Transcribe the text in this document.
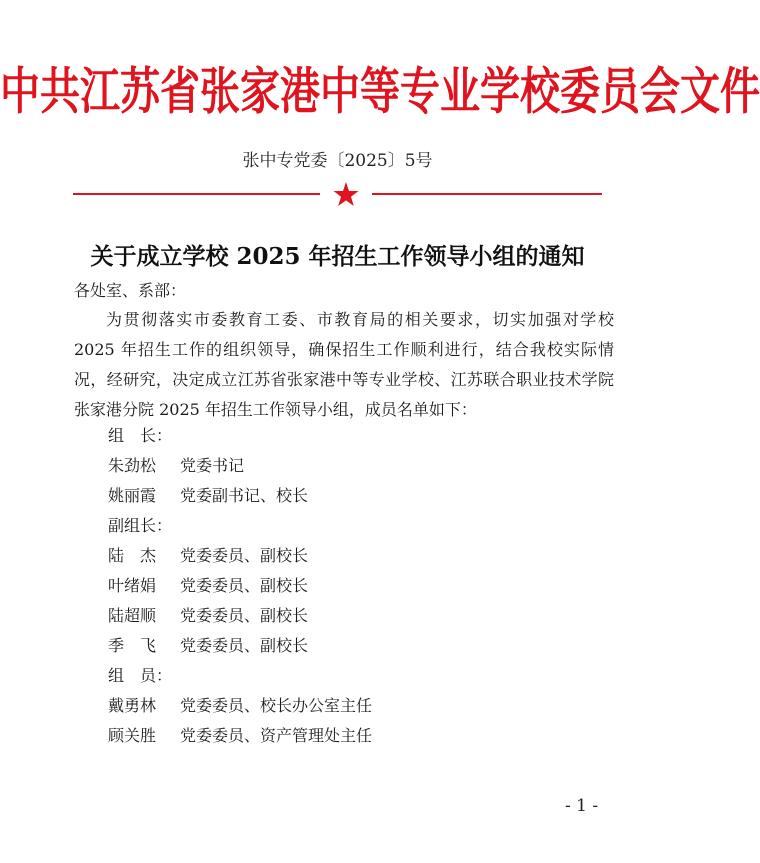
中共江苏省张家港中等专业学校委员会文件
张中专党委〔2025〕5号
关于成立学校 2025 年招生工作领导小组的通知
各处室、系部：
为贯彻落实市委教育工委、市教育局的相关要求，切实加强对学校 2025 年招生工作的组织领导，确保招生工作顺利进行，结合我校实际情况，经研究，决定成立江苏省张家港中等专业学校、江苏联合职业技术学院张家港分院 2025 年招生工作领导小组，成员名单如下：
组　长：
朱劲松 党委书记
姚丽霞 党委副书记、校长
副组长：
陆　杰 党委委员、副校长
叶绪娟 党委委员、副校长
陆超顺 党委委员、副校长
季　飞 党委委员、副校长
组　员：
戴勇林 党委委员、校长办公室主任
顾关胜 党委委员、资产管理处主任
- 1 -
